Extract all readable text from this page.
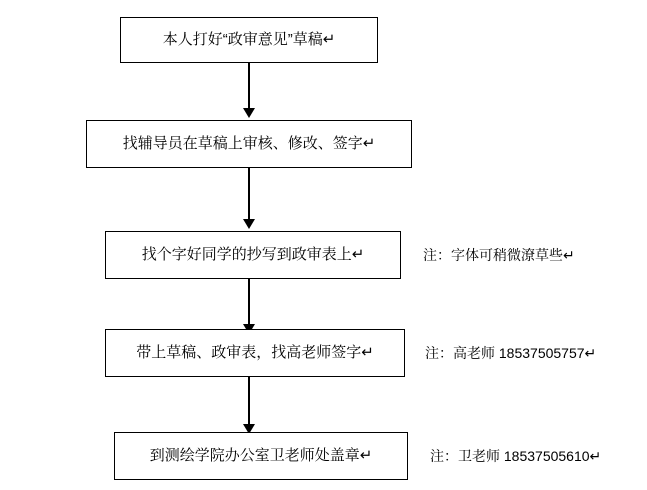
本人打好“政审意见”草稿↵
找辅导员在草稿上审核、修改、签字↵
找个字好同学的抄写到政审表上↵	注：字体可稍微潦草些↵
带上草稿、政审表，找高老师签字↵	注：高老师 18537505757↵
到测绘学院办公室卫老师处盖章↵	注：卫老师 18537505610↵
